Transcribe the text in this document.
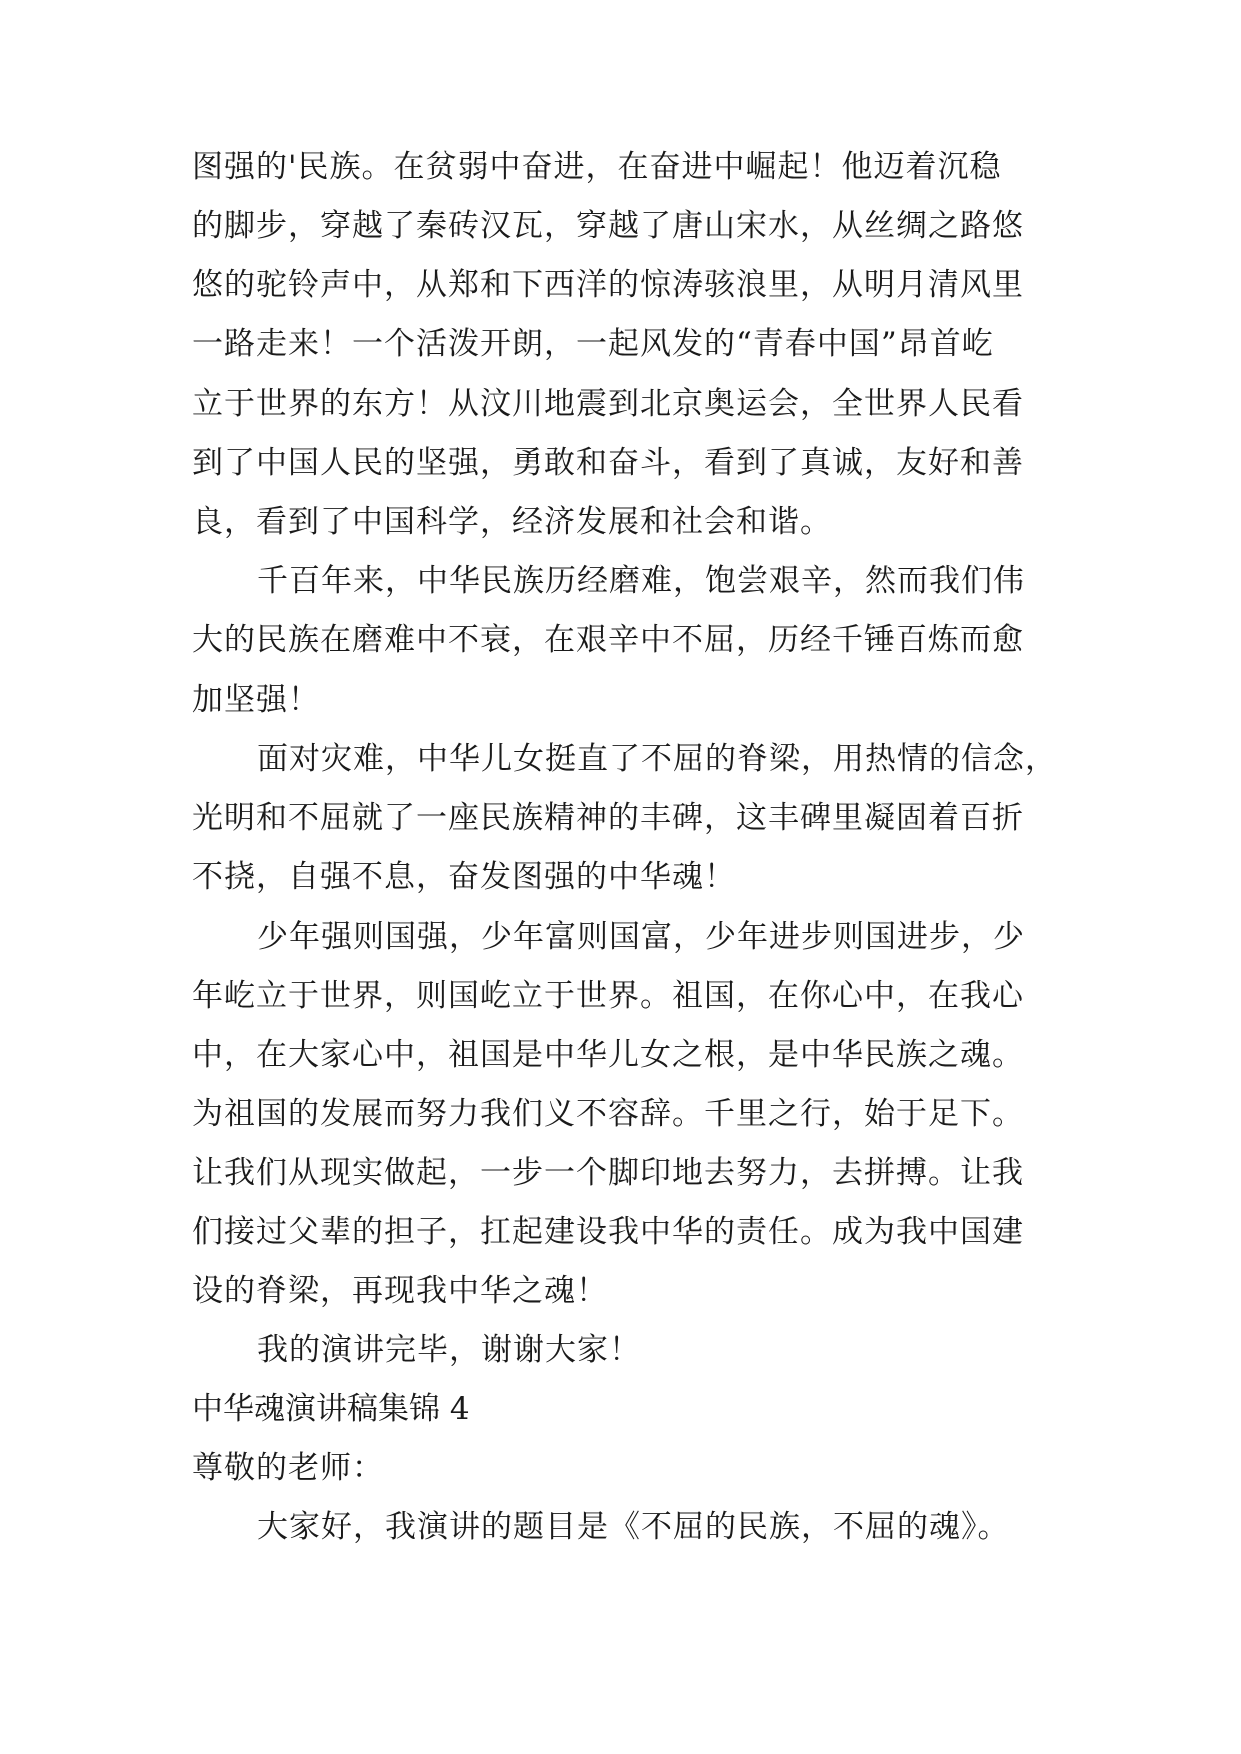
图强的'民族。在贫弱中奋进，在奋进中崛起！他迈着沉稳

的脚步，穿越了秦砖汉瓦，穿越了唐山宋水，从丝绸之路悠

悠的驼铃声中，从郑和下西洋的惊涛骇浪里，从明月清风里

一路走来！一个活泼开朗，一起风发的“青春中国”昂首屹

立于世界的东方！从汶川地震到北京奥运会，全世界人民看

到了中国人民的坚强，勇敢和奋斗，看到了真诚，友好和善

良，看到了中国科学，经济发展和社会和谐。

千百年来，中华民族历经磨难，饱尝艰辛，然而我们伟

大的民族在磨难中不衰，在艰辛中不屈，历经千锤百炼而愈

加坚强！

面对灾难，中华儿女挺直了不屈的脊梁，用热情的信念，

光明和不屈就了一座民族精神的丰碑，这丰碑里凝固着百折

不挠，自强不息，奋发图强的中华魂！

少年强则国强，少年富则国富，少年进步则国进步，少

年屹立于世界，则国屹立于世界。祖国，在你心中，在我心

中，在大家心中，祖国是中华儿女之根，是中华民族之魂。

为祖国的发展而努力我们义不容辞。千里之行，始于足下。

让我们从现实做起，一步一个脚印地去努力，去拼搏。让我

们接过父辈的担子，扛起建设我中华的责任。成为我中国建

设的脊梁，再现我中华之魂！

我的演讲完毕，谢谢大家！

中华魂演讲稿集锦 4

尊敬的老师：

大家好，我演讲的题目是《不屈的民族，不屈的魂》。
